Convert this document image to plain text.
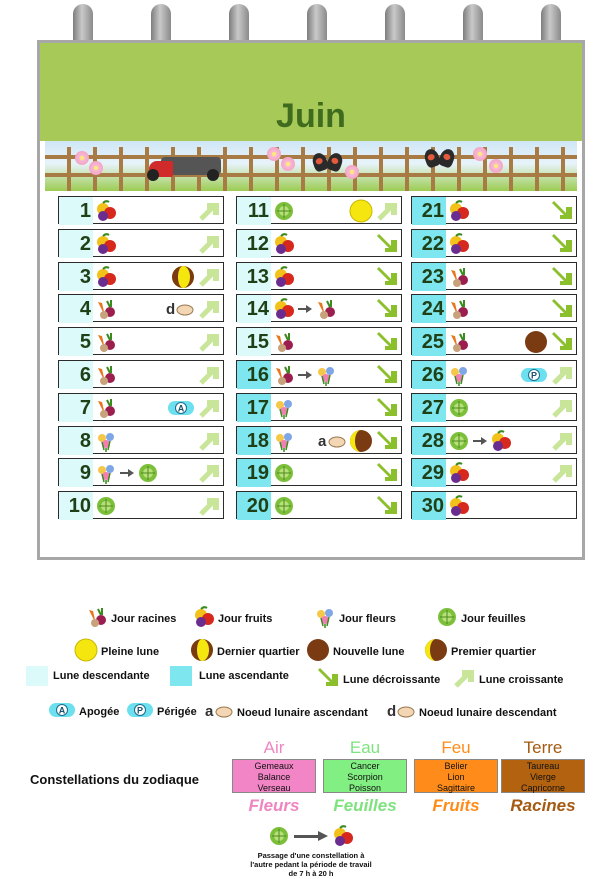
Juin
1
2
3
4	d
5
6
7	A
8
9
10
11
12
13
14
15
16
17
18	a
19
20
21
22
23
24
25
26	P
27
28
29
30
Jour racines	Jour fruits	Jour fleurs	Jour feuilles
Pleine lune	Dernier quartier	Nouvelle lune	Premier quartier
Lune descendante	Lune ascendante	Lune décroissante	Lune croissante
A Apogée P Périgée a Noeud lunaire ascendant d Noeud lunaire descendant
Constellations du zodiaque
Air
Gemeaux
Balance
Verseau
Fleurs
Eau
Cancer
Scorpion
Poisson
Feuilles
Feu
Belier
Lion
Sagittaire
Fruits
Terre
Taureau
Vierge
Capricorne
Racines
Passage d'une constellation à
l'autre pedant la période de travail
de 7 h à 20 h
